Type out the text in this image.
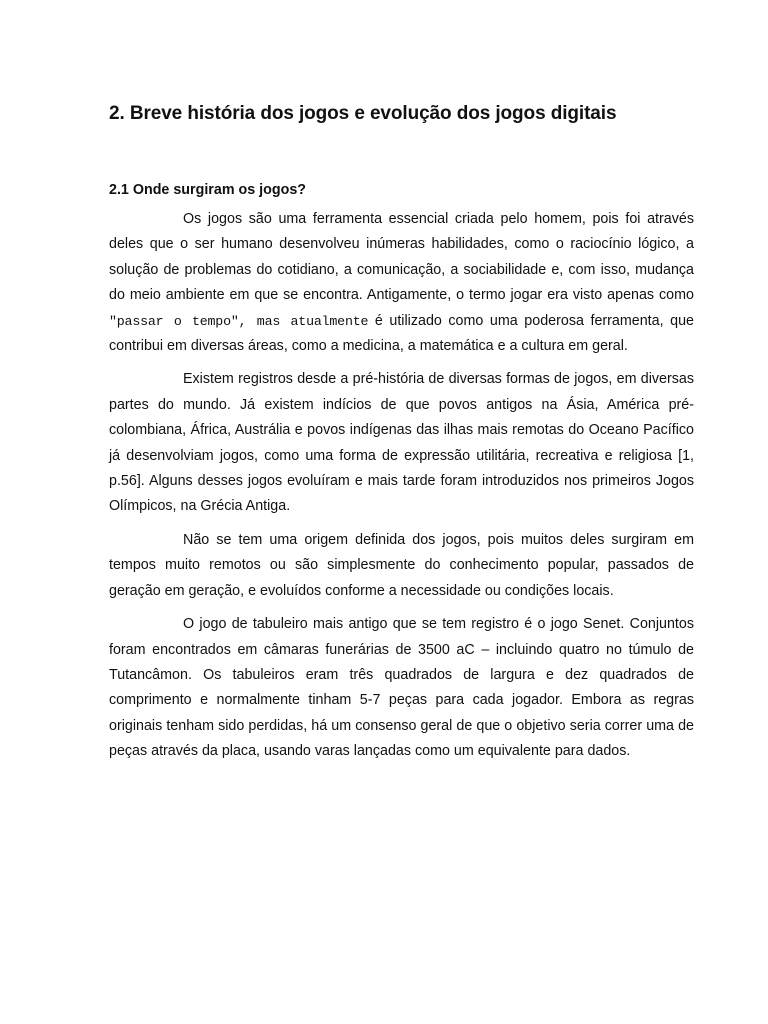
2. Breve história dos jogos e evolução dos jogos digitais
2.1 Onde surgiram os jogos?

Os jogos são uma ferramenta essencial criada pelo homem, pois foi através deles que o ser humano desenvolveu inúmeras habilidades, como o raciocínio lógico, a solução de problemas do cotidiano, a comunicação, a sociabilidade e, com isso, mudança do meio ambiente em que se encontra. Antigamente, o termo jogar era visto apenas como "passar o tempo", mas atualmente é utilizado como uma poderosa ferramenta, que contribui em diversas áreas, como a medicina, a matemática e a cultura em geral.

Existem registros desde a pré-história de diversas formas de jogos, em diversas partes do mundo. Já existem indícios de que povos antigos na Ásia, América pré-colombiana, África, Austrália e povos indígenas das ilhas mais remotas do Oceano Pacífico já desenvolviam jogos, como uma forma de expressão utilitária, recreativa e religiosa [1, p.56]. Alguns desses jogos evoluíram e mais tarde foram introduzidos nos primeiros Jogos Olímpicos, na Grécia Antiga.

Não se tem uma origem definida dos jogos, pois muitos deles surgiram em tempos muito remotos ou são simplesmente do conhecimento popular, passados de geração em geração, e evoluídos conforme a necessidade ou condições locais.

O jogo de tabuleiro mais antigo que se tem registro é o jogo Senet. Conjuntos foram encontrados em câmaras funerárias de 3500 aC – incluindo quatro no túmulo de Tutancâmon. Os tabuleiros eram três quadrados de largura e dez quadrados de comprimento e normalmente tinham 5-7 peças para cada jogador. Embora as regras originais tenham sido perdidas, há um consenso geral de que o objetivo seria correr uma de peças através da placa, usando varas lançadas como um equivalente para dados.
